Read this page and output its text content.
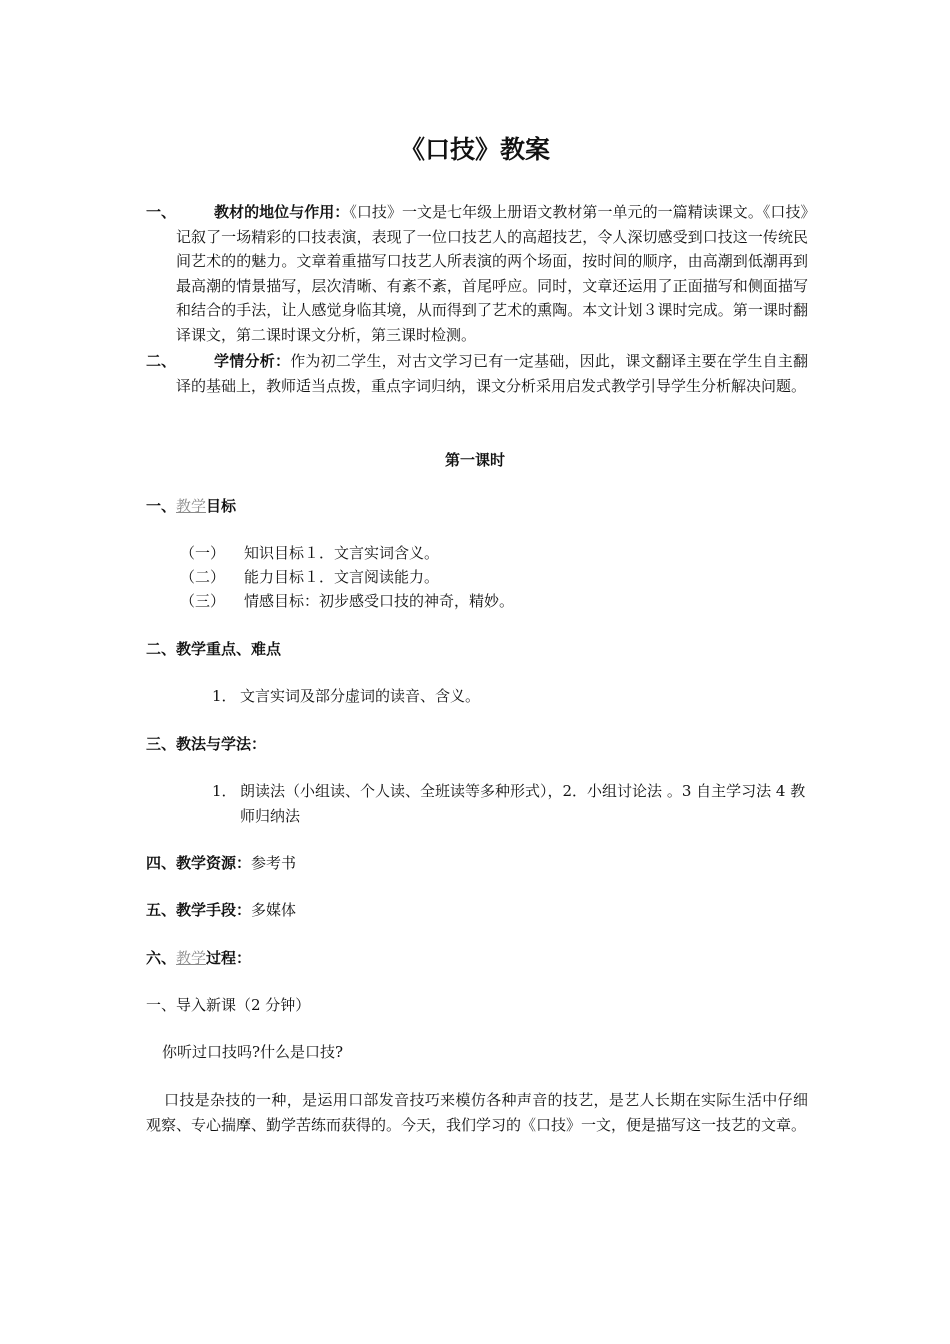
《口技》教案
一、	教材的地位与作用：《口技》一文是七年级上册语文教材第一单元的一篇精读课文。《口技》记叙了一场精彩的口技表演，表现了一位口技艺人的高超技艺，令人深切感受到口技这一传统民间艺术的的魅力。文章着重描写口技艺人所表演的两个场面，按时间的顺序，由高潮到低潮再到最高潮的情景描写，层次清晰、有紊不紊，首尾呼应。同时，文章还运用了正面描写和侧面描写和结合的手法，让人感觉身临其境，从而得到了艺术的熏陶。本文计划３课时完成。第一课时翻译课文，第二课时课文分析，第三课时检测。
二、	学情分析：作为初二学生，对古文学习已有一定基础，因此，课文翻译主要在学生自主翻译的基础上，教师适当点拨，重点字词归纳，课文分析采用启发式教学引导学生分析解决问题。
第一课时
一、教学目标
（一） 知识目标１．文言实词含义。
（二） 能力目标１．文言阅读能力。
（三） 情感目标：初步感受口技的神奇，精妙。
二、教学重点、难点
1． 文言实词及部分虚词的读音、含义。
三、教法与学法：
1． 朗读法（小组读、个人读、全班读等多种形式），2．小组讨论法 。3 自主学习法 4 教师归纳法
四、教学资源：参考书
五、教学手段：多媒体
六、教学过程：
一、导入新课（2 分钟）
你听过口技吗?什么是口技?
口技是杂技的一种，是运用口部发音技巧来模仿各种声音的技艺，是艺人长期在实际生活中仔细观察、专心揣摩、勤学苦练而获得的。今天，我们学习的《口技》一文，便是描写这一技艺的文章。
